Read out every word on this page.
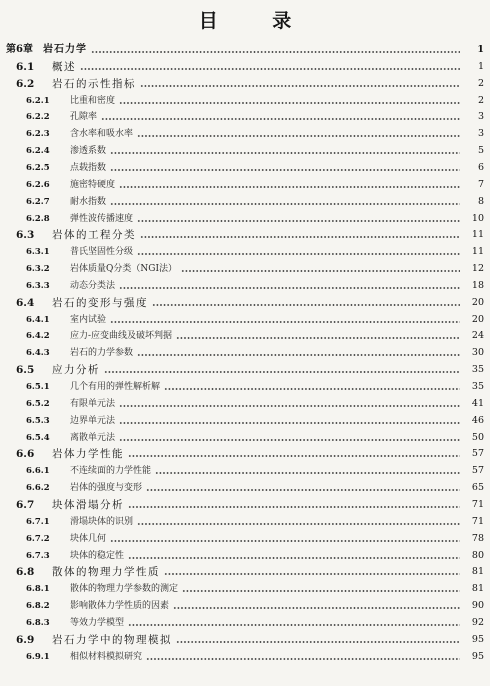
目 录
第6章	岩石力学	1
6.1	概述	1
6.2	岩石的示性指标	2
6.2.1	比重和密度	2
6.2.2	孔隙率	3
6.2.3	含水率和吸水率	3
6.2.4	渗透系数	5
6.2.5	点载指数	6
6.2.6	施密特硬度	7
6.2.7	耐水指数	8
6.2.8	弹性波传播速度	10
6.3	岩体的工程分类	11
6.3.1	普氏坚固性分级	11
6.3.2	岩体质量Q分类（NGI法）	12
6.3.3	动态分类法	18
6.4	岩石的变形与强度	20
6.4.1	室内试验	20
6.4.2	应力-应变曲线及破坏判据	24
6.4.3	岩石的力学参数	30
6.5	应力分析	35
6.5.1	几个有用的弹性解析解	35
6.5.2	有限单元法	41
6.5.3	边界单元法	46
6.5.4	离散单元法	50
6.6	岩体力学性能	57
6.6.1	不连续面的力学性能	57
6.6.2	岩体的强度与变形	65
6.7	块体滑塌分析	71
6.7.1	滑塌块体的识别	71
6.7.2	块体几何	78
6.7.3	块体的稳定性	80
6.8	散体的物理力学性质	81
6.8.1	散体的物理力学参数的测定	81
6.8.2	影响散体力学性质的因素	90
6.8.3	等效力学模型	92
6.9	岩石力学中的物理模拟	95
6.9.1	相似材料模拟研究	95
